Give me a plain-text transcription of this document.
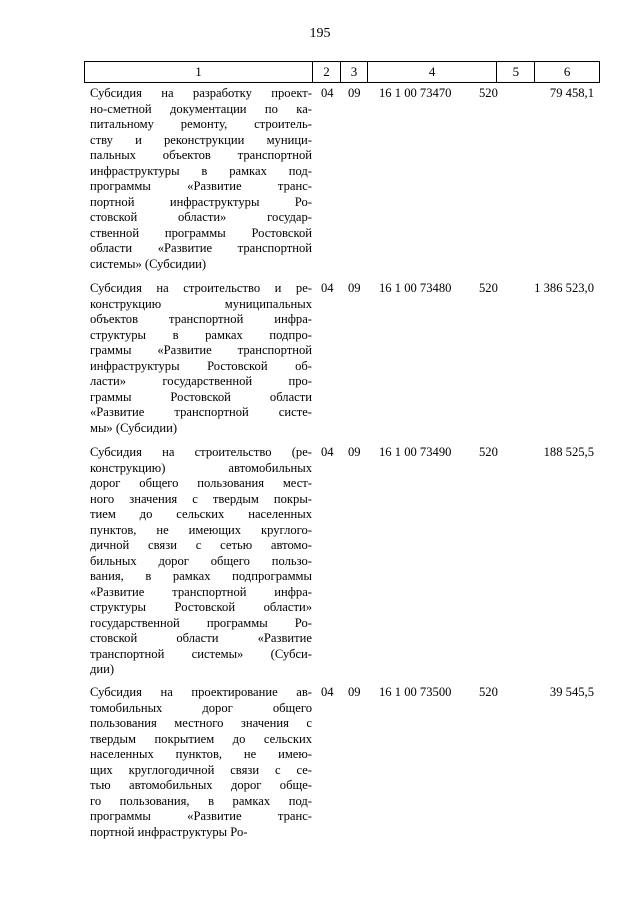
195
1	2	3	4	5	6
Субсидия на разработку проект-
но-сметной документации по ка-
питальному ремонту, строитель-
ству и реконструкции муници-
пальных объектов транспортной
инфраструктуры в рамках под-
программы «Развитие транс-
портной инфраструктуры Ро-
стовской области» государ-
ственной программы Ростовской
области «Развитие транспортной
системы» (Субсидии)
04 09 16 1 00 73470 520	79 458,1
Субсидия на строительство и ре-
конструкцию муниципальных
объектов транспортной инфра-
структуры в рамках подпро-
граммы «Развитие транспортной
инфраструктуры Ростовской об-
ласти» государственной про-
граммы Ростовской области
«Развитие транспортной систе-
мы» (Субсидии)
04 09 16 1 00 73480 520	1 386 523,0
Субсидия на строительство (ре-
конструкцию) автомобильных
дорог общего пользования мест-
ного значения с твердым покры-
тием до сельских населенных
пунктов, не имеющих круглого-
дичной связи с сетью автомо-
бильных дорог общего пользо-
вания, в рамках подпрограммы
«Развитие транспортной инфра-
структуры Ростовской области»
государственной программы Ро-
стовской области «Развитие
транспортной системы» (Субси-
дии)
04 09 16 1 00 73490 520	188 525,5
Субсидия на проектирование ав-
томобильных дорог общего
пользования местного значения с
твердым покрытием до сельских
населенных пунктов, не имею-
щих круглогодичной связи с се-
тью автомобильных дорог обще-
го пользования, в рамках под-
программы «Развитие транс-
портной инфраструктуры Ро-
04 09 16 1 00 73500 520	39 545,5
